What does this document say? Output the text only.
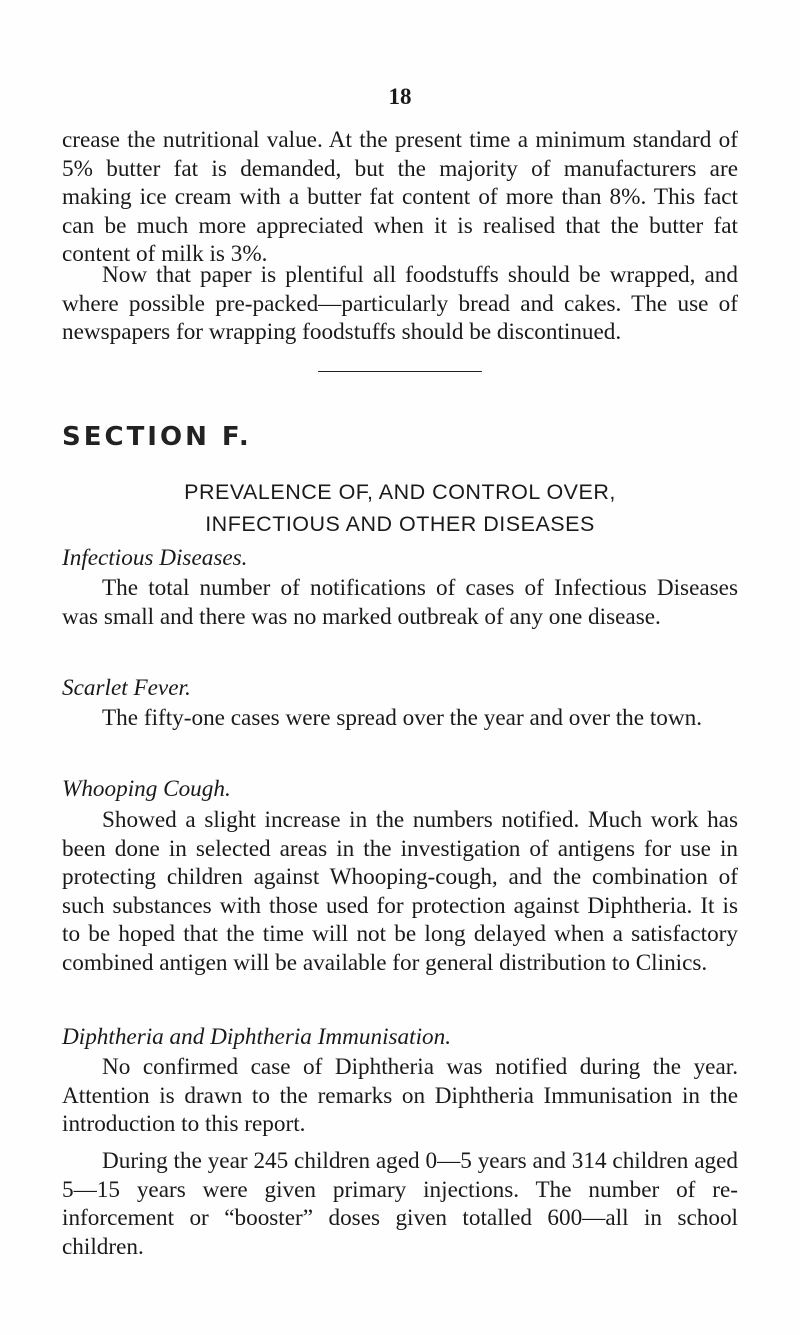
18

crease the nutritional value. At the present time a minimum standard of 5% butter fat is demanded, but the majority of manufacturers are making ice cream with a butter fat content of more than 8%. This fact can be much more appreciated when it is realised that the butter fat content of milk is 3%.

Now that paper is plentiful all foodstuffs should be wrapped, and where possible pre-packed—particularly bread and cakes. The use of newspapers for wrapping foodstuffs should be discontinued.

SECTION F.
PREVALENCE OF, AND CONTROL OVER,
INFECTIOUS AND OTHER DISEASES
Infectious Diseases.

The total number of notifications of cases of Infectious Diseases was small and there was no marked outbreak of any one disease.

Scarlet Fever.

The fifty-one cases were spread over the year and over the town.

Whooping Cough.

Showed a slight increase in the numbers notified. Much work has been done in selected areas in the investigation of antigens for use in protecting children against Whooping-cough, and the combination of such substances with those used for protection against Diphtheria. It is to be hoped that the time will not be long delayed when a satisfactory combined antigen will be available for general distribution to Clinics.

Diphtheria and Diphtheria Immunisation.

No confirmed case of Diphtheria was notified during the year. Attention is drawn to the remarks on Diphtheria Immunisation in the introduction to this report.

During the year 245 children aged 0—5 years and 314 children aged 5—15 years were given primary injections. The number of re-inforcement or “booster” doses given totalled 600—all in school children.
